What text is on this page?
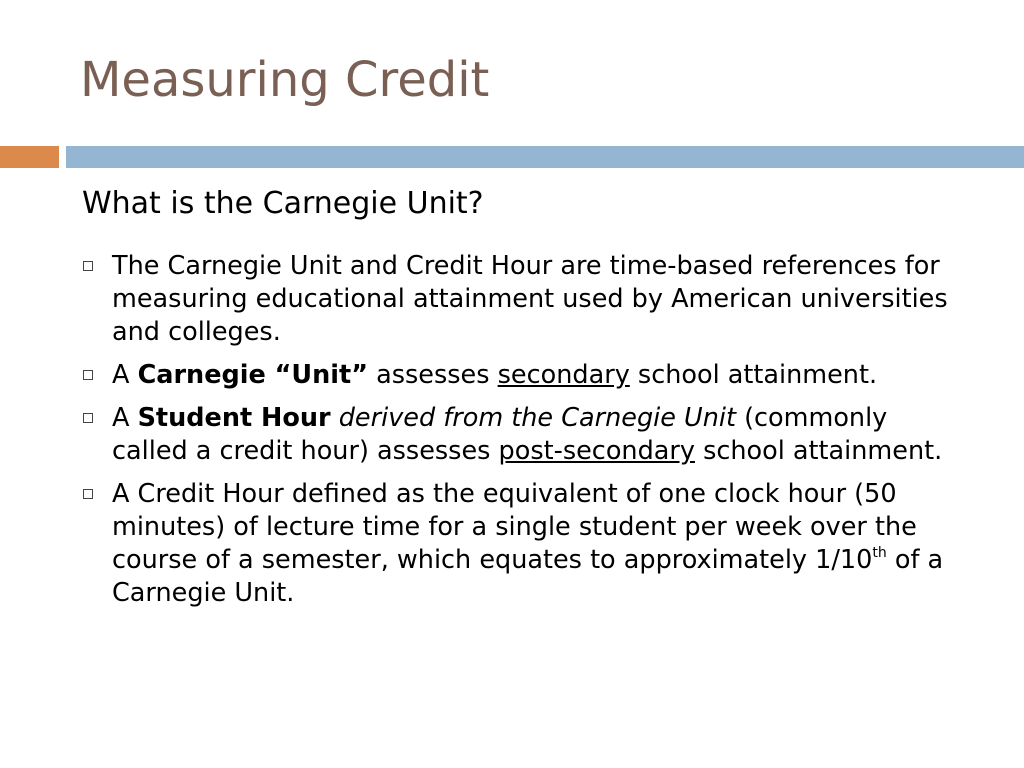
Measuring Credit
What is the Carnegie Unit?
The Carnegie Unit and Credit Hour are time-based references for measuring educational attainment used by American universities and colleges.
A Carnegie “Unit” assesses secondary school attainment.
A Student Hour derived from the Carnegie Unit (commonly called a credit hour) assesses post-secondary school attainment.
A Credit Hour defined as the equivalent of one clock hour (50 minutes) of lecture time for a single student per week over the course of a semester, which equates to approximately 1/10th of a Carnegie Unit.
